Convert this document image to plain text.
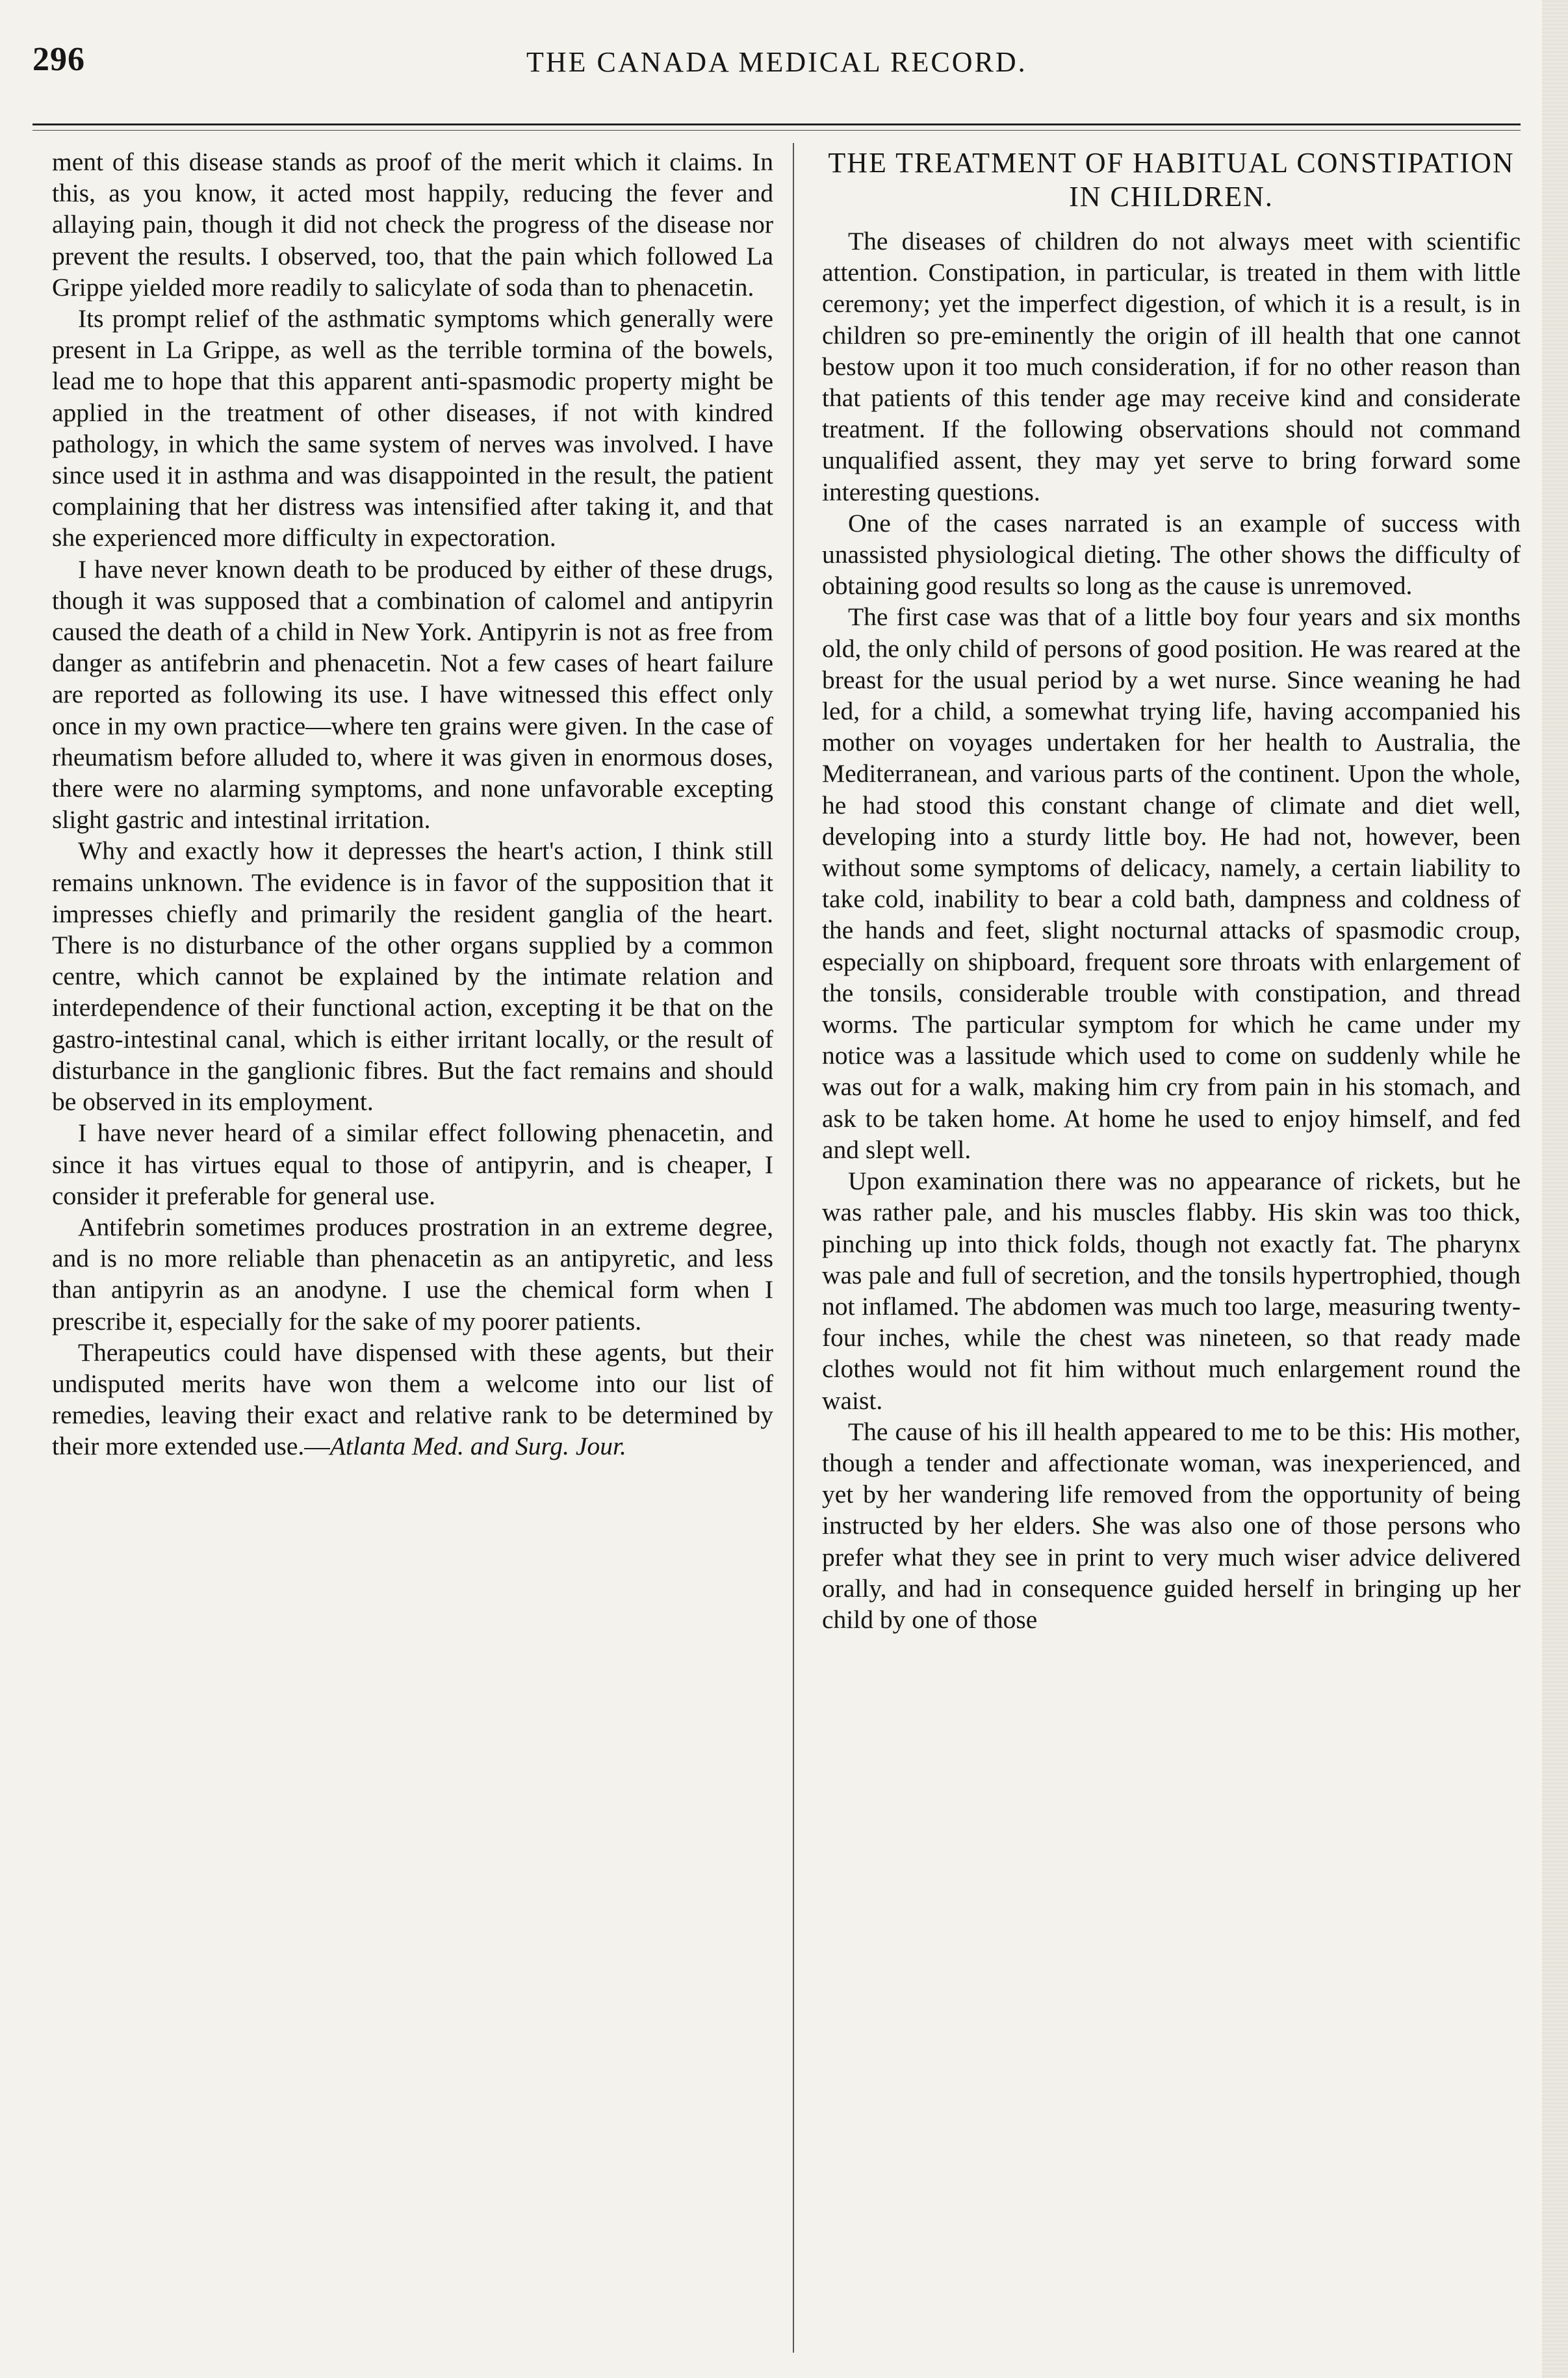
296	THE CANADA MEDICAL RECORD.

ment of this disease stands as proof of the merit which it claims. In this, as you know, it acted most happily, reducing the fever and allaying pain, though it did not check the progress of the disease nor prevent the results. I observed, too, that the pain which followed La Grippe yielded more readily to salicylate of soda than to phenacetin.

Its prompt relief of the asthmatic symptoms which generally were present in La Grippe, as well as the terrible tormina of the bowels, lead me to hope that this apparent anti-spasmodic property might be applied in the treatment of other diseases, if not with kindred pathology, in which the same system of nerves was involved. I have since used it in asthma and was disappointed in the result, the patient complaining that her distress was intensified after taking it, and that she experienced more difficulty in expectoration.

I have never known death to be produced by either of these drugs, though it was supposed that a combination of calomel and antipyrin caused the death of a child in New York. Antipyrin is not as free from danger as antifebrin and phenacetin. Not a few cases of heart failure are reported as following its use. I have witnessed this effect only once in my own practice—where ten grains were given. In the case of rheumatism before alluded to, where it was given in enormous doses, there were no alarming symptoms, and none unfavorable excepting slight gastric and intestinal irritation.

Why and exactly how it depresses the heart's action, I think still remains unknown. The evidence is in favor of the supposition that it impresses chiefly and primarily the resident ganglia of the heart. There is no disturbance of the other organs supplied by a common centre, which cannot be explained by the intimate relation and interdependence of their functional action, excepting it be that on the gastro-intestinal canal, which is either irritant locally, or the result of disturbance in the ganglionic fibres. But the fact remains and should be observed in its employment.

I have never heard of a similar effect following phenacetin, and since it has virtues equal to those of antipyrin, and is cheaper, I consider it preferable for general use.

Antifebrin sometimes produces prostration in an extreme degree, and is no more reliable than phenacetin as an antipyretic, and less than antipyrin as an anodyne. I use the chemical form when I prescribe it, especially for the sake of my poorer patients.

Therapeutics could have dispensed with these agents, but their undisputed merits have won them a welcome into our list of remedies, leaving their exact and relative rank to be determined by their more extended use.—Atlanta Med. and Surg. Jour.

THE TREATMENT OF HABITUAL CONSTIPATION IN CHILDREN.

The diseases of children do not always meet with scientific attention. Constipation, in particular, is treated in them with little ceremony; yet the imperfect digestion, of which it is a result, is in children so pre-eminently the origin of ill health that one cannot bestow upon it too much consideration, if for no other reason than that patients of this tender age may receive kind and considerate treatment. If the following observations should not command unqualified assent, they may yet serve to bring forward some interesting questions.

One of the cases narrated is an example of success with unassisted physiological dieting. The other shows the difficulty of obtaining good results so long as the cause is unremoved.

The first case was that of a little boy four years and six months old, the only child of persons of good position. He was reared at the breast for the usual period by a wet nurse. Since weaning he had led, for a child, a somewhat trying life, having accompanied his mother on voyages undertaken for her health to Australia, the Mediterranean, and various parts of the continent. Upon the whole, he had stood this constant change of climate and diet well, developing into a sturdy little boy. He had not, however, been without some symptoms of delicacy, namely, a certain liability to take cold, inability to bear a cold bath, dampness and coldness of the hands and feet, slight nocturnal attacks of spasmodic croup, especially on shipboard, frequent sore throats with enlargement of the tonsils, considerable trouble with constipation, and thread worms. The particular symptom for which he came under my notice was a lassitude which used to come on suddenly while he was out for a walk, making him cry from pain in his stomach, and ask to be taken home. At home he used to enjoy himself, and fed and slept well.

Upon examination there was no appearance of rickets, but he was rather pale, and his muscles flabby. His skin was too thick, pinching up into thick folds, though not exactly fat. The pharynx was pale and full of secretion, and the tonsils hypertrophied, though not inflamed. The abdomen was much too large, measuring twenty-four inches, while the chest was nineteen, so that ready made clothes would not fit him without much enlargement round the waist.

The cause of his ill health appeared to me to be this: His mother, though a tender and affectionate woman, was inexperienced, and yet by her wandering life removed from the opportunity of being instructed by her elders. She was also one of those persons who prefer what they see in print to very much wiser advice delivered orally, and had in consequence guided herself in bringing up her child by one of those
